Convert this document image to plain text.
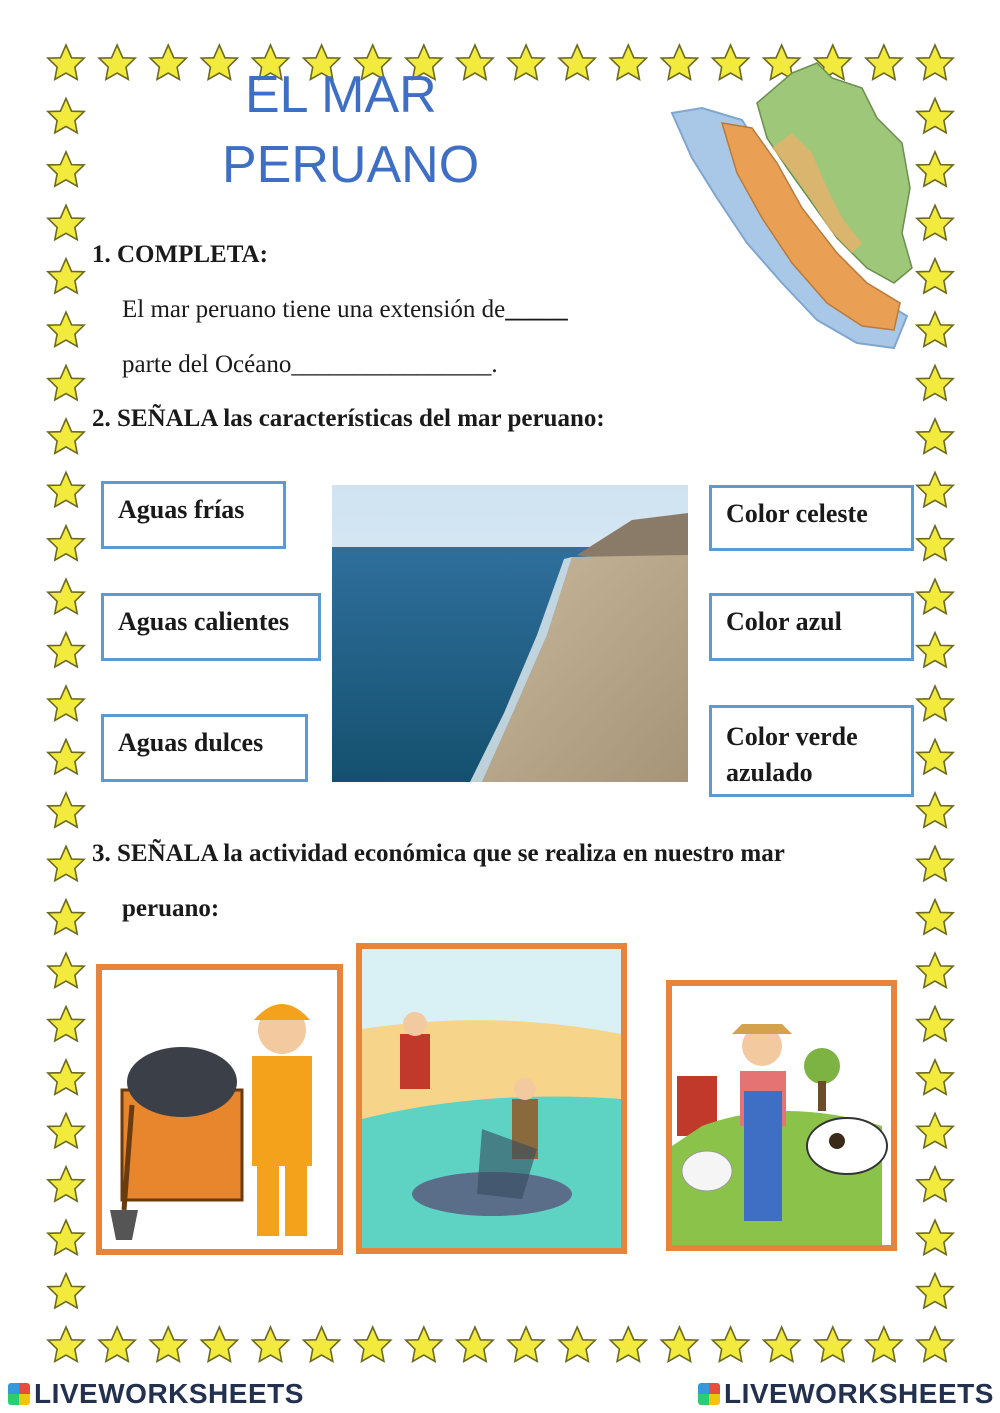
EL MAR
PERUANO
1. COMPLETA:
El mar peruano tiene una extensión de_____
parte del Océano________________.
2. SEÑALA las características del mar peruano:
Aguas frías
Aguas calientes
Aguas dulces
Color celeste
Color azul
Color verde azulado
3. SEÑALA la actividad económica que se realiza en nuestro mar
peruano:
LIVEWORKSHEETS	LIVEWORKSHEETS
